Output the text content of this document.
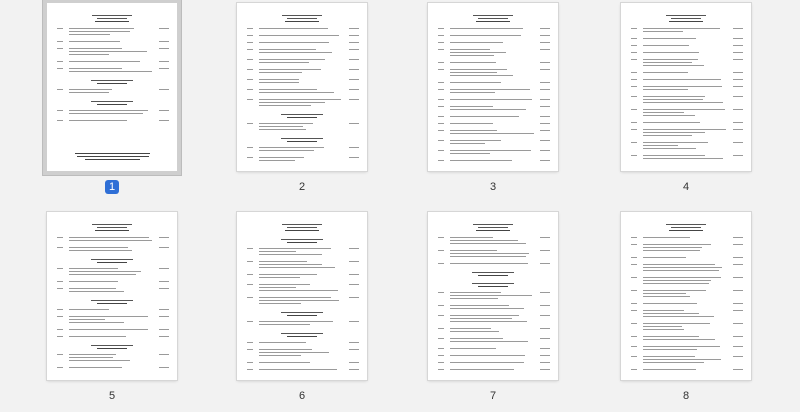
1	2	3	4
5	6	7	8
